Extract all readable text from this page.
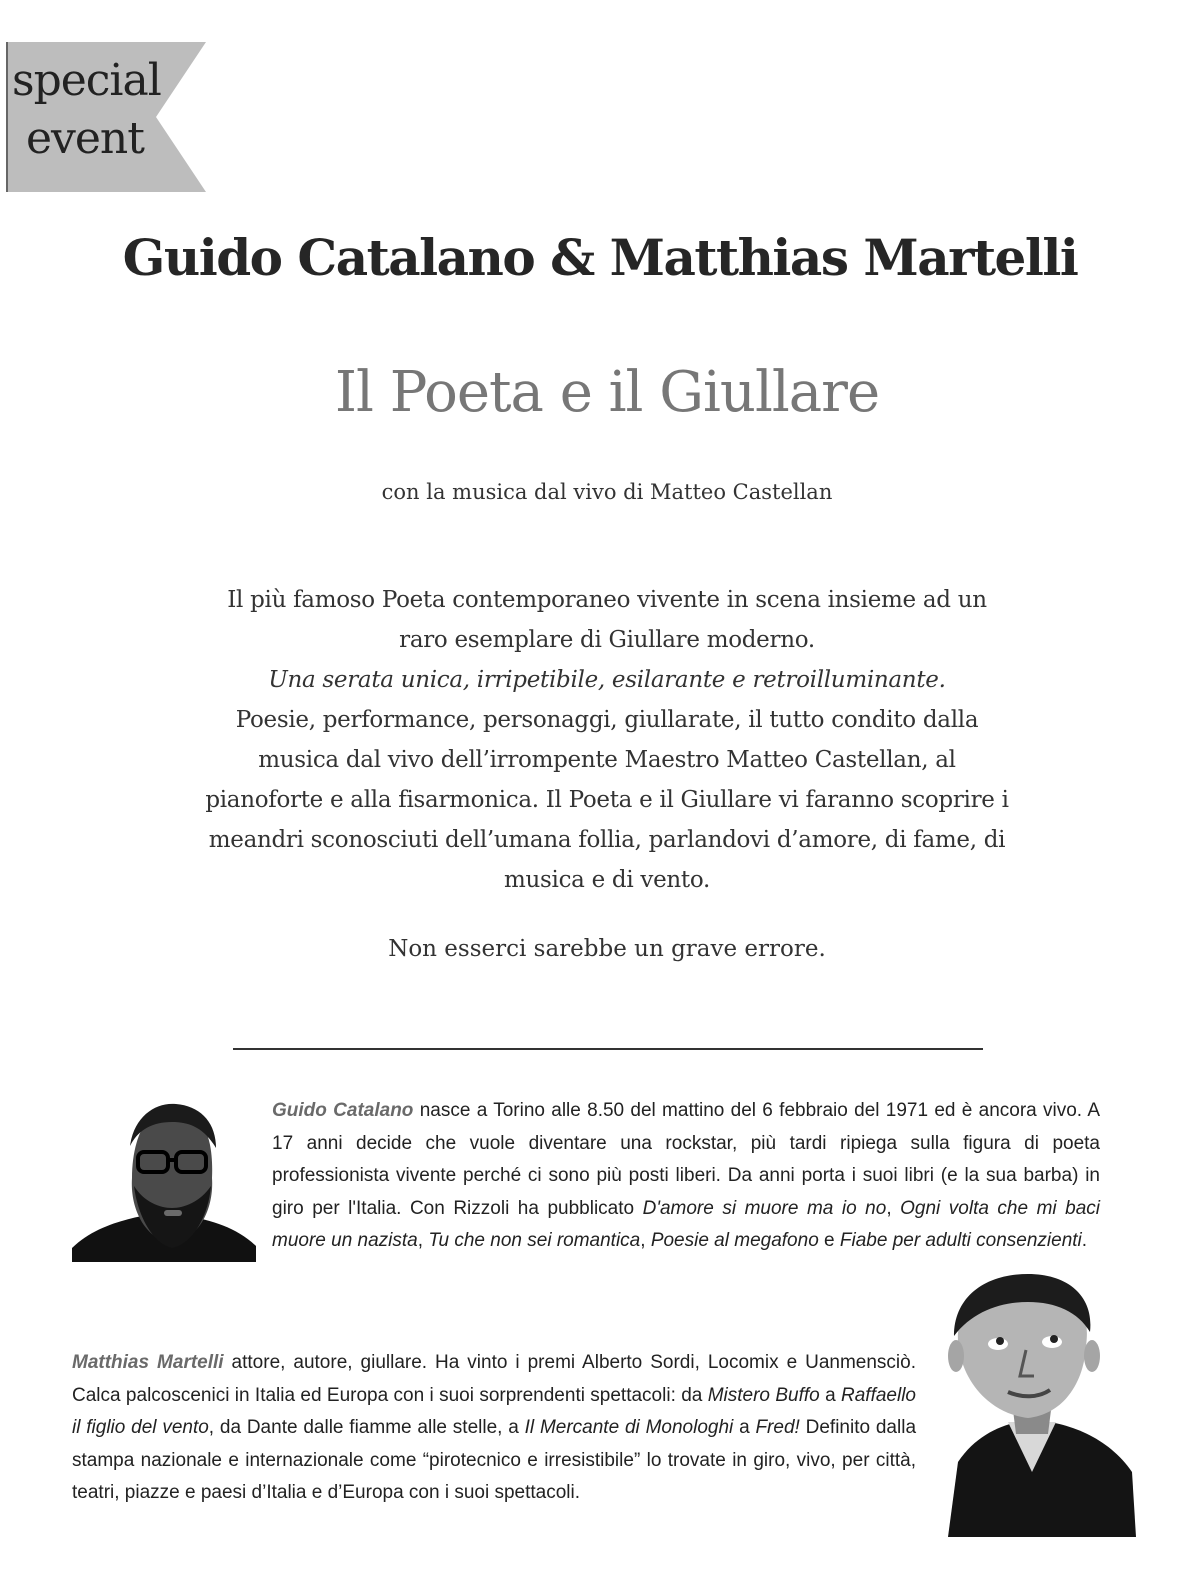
special
event
Guido Catalano & Matthias Martelli
Il Poeta e il Giullare
con la musica dal vivo di Matteo Castellan

Il più famoso Poeta contemporaneo vivente in scena insieme ad un raro esemplare di Giullare moderno.

Una serata unica, irripetibile, esilarante e retroilluminante.

Poesie, performance, personaggi, giullarate, il tutto condito dalla musica dal vivo dell’irrompente Maestro Matteo Castellan, al pianoforte e alla fisarmonica. Il Poeta e il Giullare vi faranno scoprire i meandri sconosciuti dell’umana follia, parlandovi d’amore, di fame, di musica e di vento.

Non esserci sarebbe un grave errore.
Guido Catalano nasce a Torino alle 8.50 del mattino del 6 febbraio del 1971 ed è ancora vivo. A 17 anni decide che vuole diventare una rockstar, più tardi ripiega sulla figura di poeta professionista vivente perché ci sono più posti liberi. Da anni porta i suoi libri (e la sua barba) in giro per l'Italia. Con Rizzoli ha pubblicato D'amore si muore ma io no, Ogni volta che mi baci muore un nazista, Tu che non sei romantica, Poesie al megafono e Fiabe per adulti consenzienti.
Matthias Martelli attore, autore, giullare. Ha vinto i premi Alberto Sordi, Locomix e Uanmensciò. Calca palcoscenici in Italia ed Europa con i suoi sorprendenti spettacoli: da Mistero Buffo a Raffaello il figlio del vento, da Dante dalle fiamme alle stelle, a Il Mercante di Monologhi a Fred! Definito dalla stampa nazionale e internazionale come “pirotecnico e irresistibile” lo trovate in giro, vivo, per città, teatri, piazze e paesi d’Italia e d’Europa con i suoi spettacoli.
